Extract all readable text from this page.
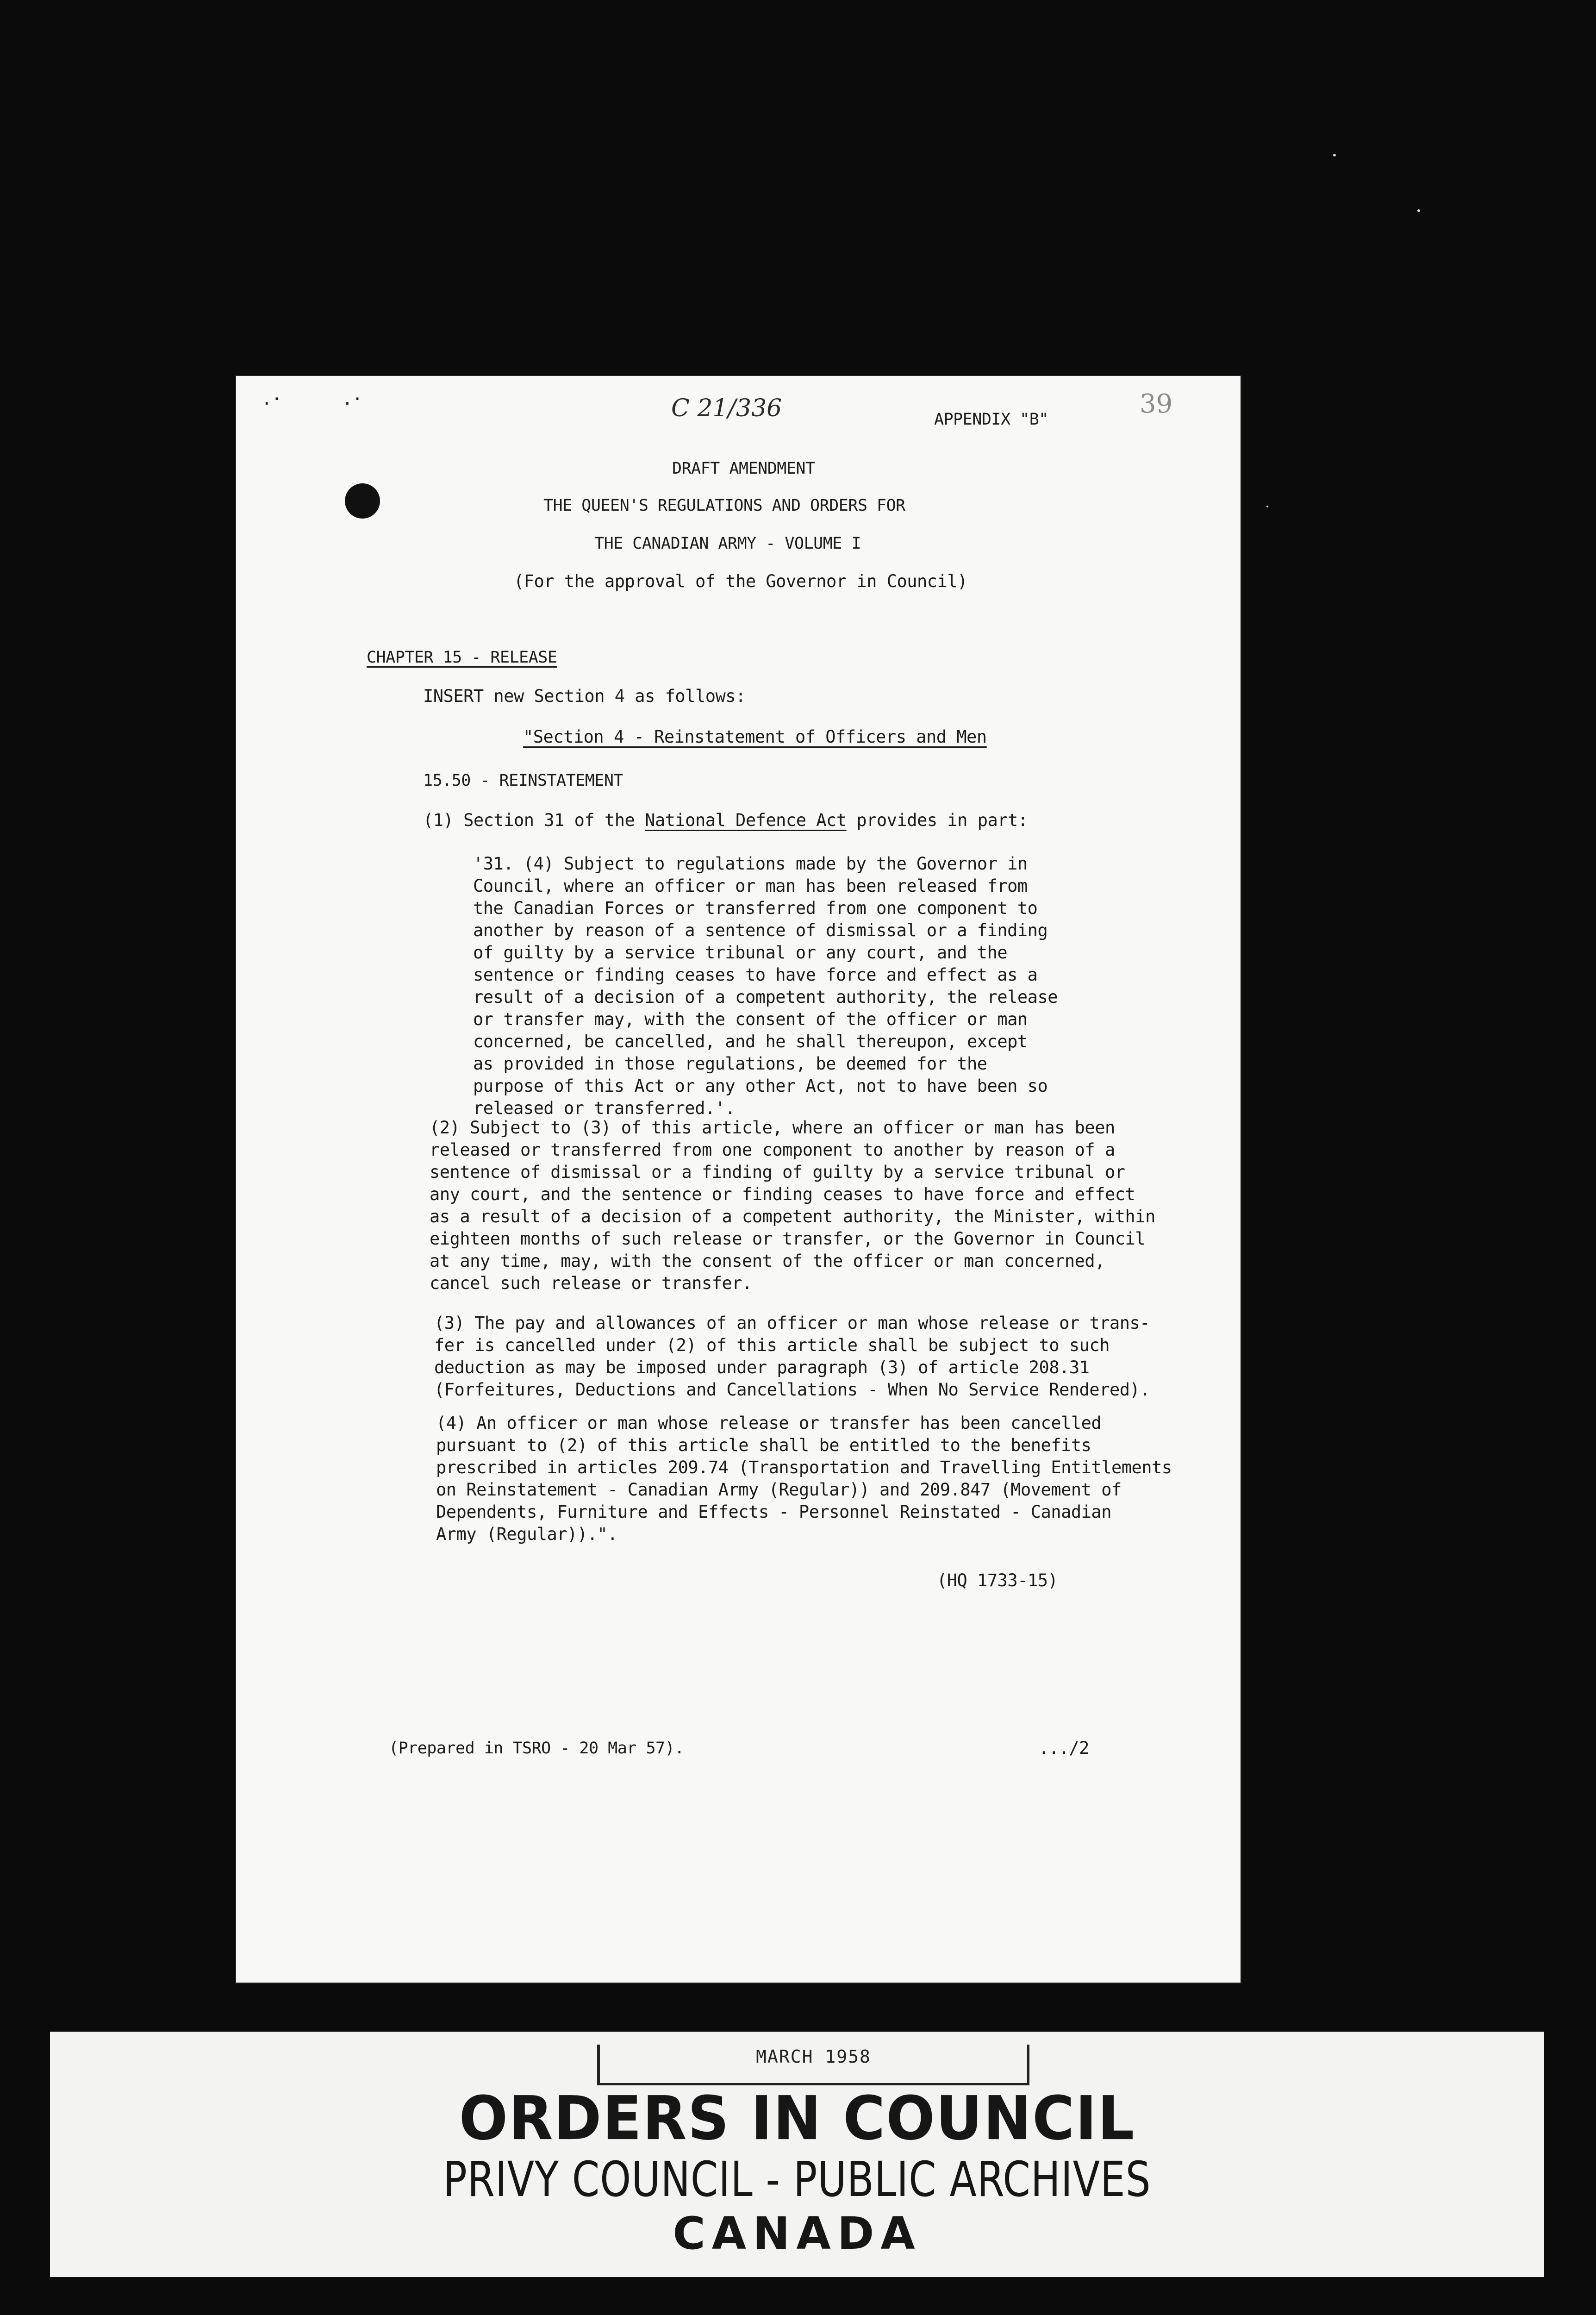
.·      .·	C 21/336	39
APPENDIX "B"
DRAFT AMENDMENT
THE QUEEN'S REGULATIONS AND ORDERS FOR
THE CANADIAN ARMY - VOLUME I
(For the approval of the Governor in Council)
CHAPTER 15 - RELEASE
INSERT new Section 4 as follows:
"Section 4 - Reinstatement of Officers and Men
15.50 - REINSTATEMENT
(1) Section 31 of the National Defence Act provides in part:
'31. (4) Subject to regulations made by the Governor in
Council, where an officer or man has been released from
the Canadian Forces or transferred from one component to
another by reason of a sentence of dismissal or a finding
of guilty by a service tribunal or any court, and the
sentence or finding ceases to have force and effect as a
result of a decision of a competent authority, the release
or transfer may, with the consent of the officer or man
concerned, be cancelled, and he shall thereupon, except
as provided in those regulations, be deemed for the
purpose of this Act or any other Act, not to have been so
released or transferred.'.
(2) Subject to (3) of this article, where an officer or man has been
released or transferred from one component to another by reason of a
sentence of dismissal or a finding of guilty by a service tribunal or
any court, and the sentence or finding ceases to have force and effect
as a result of a decision of a competent authority, the Minister, within
eighteen months of such release or transfer, or the Governor in Council
at any time, may, with the consent of the officer or man concerned,
cancel such release or transfer.
(3) The pay and allowances of an officer or man whose release or trans-
fer is cancelled under (2) of this article shall be subject to such
deduction as may be imposed under paragraph (3) of article 208.31
(Forfeitures, Deductions and Cancellations - When No Service Rendered).
(4) An officer or man whose release or transfer has been cancelled
pursuant to (2) of this article shall be entitled to the benefits
prescribed in articles 209.74 (Transportation and Travelling Entitlements
on Reinstatement - Canadian Army (Regular)) and 209.847 (Movement of
Dependents, Furniture and Effects - Personnel Reinstated - Canadian
Army (Regular)).".
(HQ 1733-15)
(Prepared in TSRO - 20 Mar 57).	.../2
MARCH 1958
ORDERS IN COUNCIL
PRIVY COUNCIL - PUBLIC ARCHIVES
CANADA
